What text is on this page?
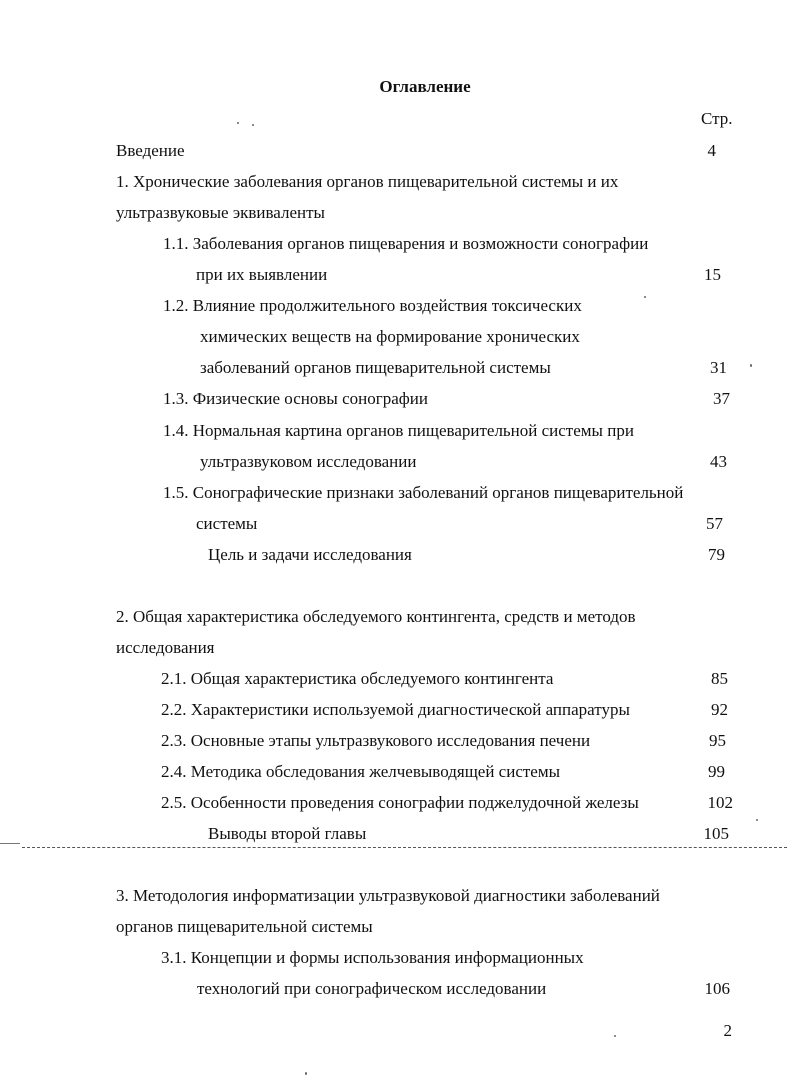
Оглавление
Стр.
Введение	4
1. Хронические заболевания органов пищеварительной системы и их
ультразвуковые эквиваленты
1.1. Заболевания органов пищеварения и возможности сонографии
при их выявлении	15
1.2. Влияние продолжительного воздействия токсических
химических веществ на формирование хронических
заболеваний органов пищеварительной системы	31
1.3. Физические основы сонографии	37
1.4. Нормальная картина органов пищеварительной системы при
ультразвуковом исследовании	43
1.5. Сонографические признаки заболеваний органов пищеварительной
системы	57
Цель и задачи исследования	79
2. Общая характеристика обследуемого контингента, средств и методов
исследования
2.1. Общая характеристика обследуемого контингента	85
2.2. Характеристики используемой диагностической аппаратуры	92
2.3. Основные этапы ультразвукового исследования печени	95
2.4. Методика обследования желчевыводящей системы	99
2.5. Особенности проведения сонографии поджелудочной железы	102
Выводы второй главы	105
3. Методология информатизации ультразвуковой диагностики заболеваний
органов пищеварительной системы
3.1. Концепции и формы использования информационных
технологий при сонографическом исследовании	106
2
